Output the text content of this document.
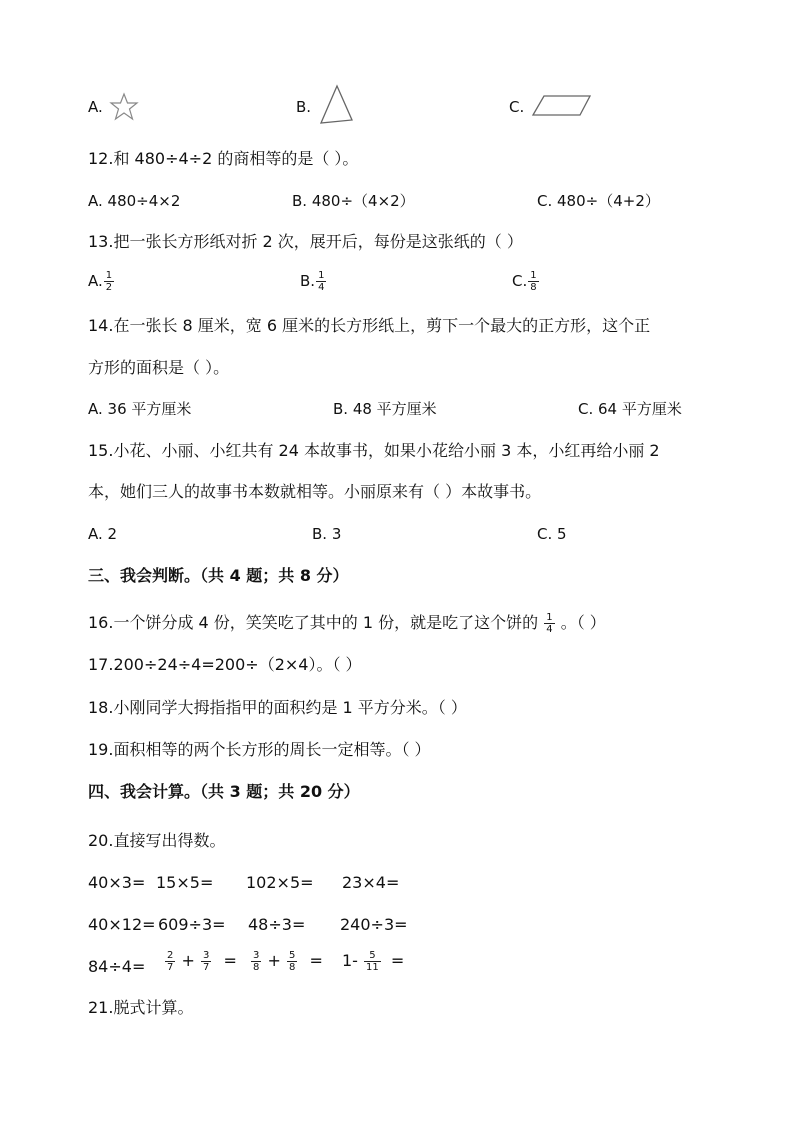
A.	B.	C.
12.和 480÷4÷2 的商相等的是（ ）。
A. 480÷4×2	B. 480÷（4×2）	C. 480÷（4+2）
13.把一张长方形纸对折 2 次，展开后，每份是这张纸的（ ）
A. $\frac{1}{2}$	B. $\frac{1}{4}$	C. $\frac{1}{8}$
14.在一张长 8 厘米，宽 6 厘米的长方形纸上，剪下一个最大的正方形，这个正
方形的面积是（ ）。
A. 36 平方厘米	B. 48 平方厘米	C. 64 平方厘米
15.小花、小丽、小红共有 24 本故事书，如果小花给小丽 3 本，小红再给小丽 2
本，她们三人的故事书本数就相等。小丽原来有（ ）本故事书。
A. 2	B. 3	C. 5
三、我会判断。（共 4 题；共 8 分）
16.一个饼分成 4 份，笑笑吃了其中的 1 份，就是吃了这个饼的 $\frac{1}{4}$ 。（ ）
17.200÷24÷4=200÷（2×4）。（ ）
18.小刚同学大拇指指甲的面积约是 1 平方分米。（ ）
19.面积相等的两个长方形的周长一定相等。（ ）
四、我会计算。（共 3 题；共 20 分）
20.直接写出得数。
40×3= 15×5= 102×5= 23×4=
40×12= 609÷3= 48÷3= 240÷3=
$84\div 4= \frac{2}{7} + \frac{3}{7} = \frac{3}{8} + \frac{5}{8} = 1- \frac{5}{11}$ =
21.脱式计算。
